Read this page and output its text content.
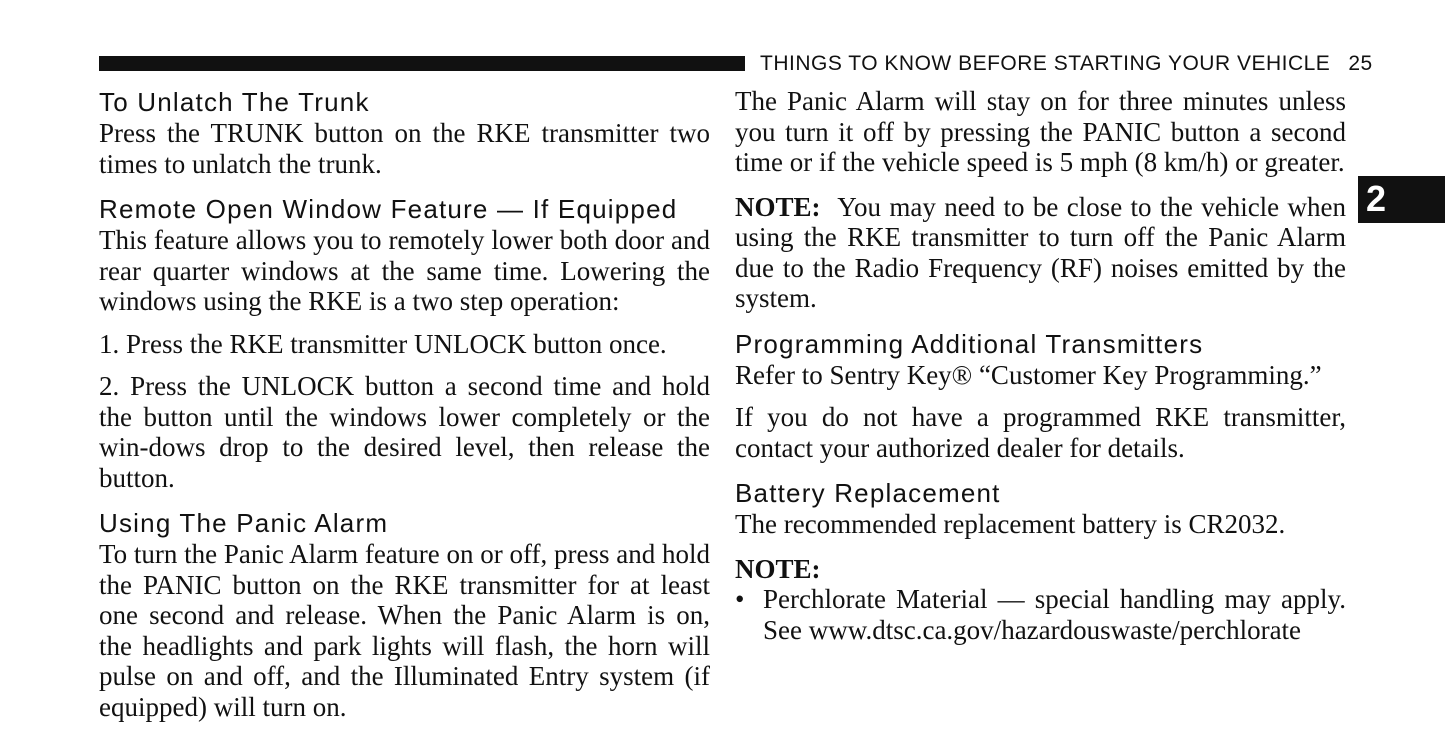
THINGS TO KNOW BEFORE STARTING YOUR VEHICLE 25
2
To Unlatch The Trunk

Press the TRUNK button on the RKE transmitter two times to unlatch the trunk.

Remote Open Window Feature — If Equipped

This feature allows you to remotely lower both door and rear quarter windows at the same time. Lowering the windows using the RKE is a two step operation:

1. Press the RKE transmitter UNLOCK button once.

2. Press the UNLOCK button a second time and hold the button until the windows lower completely or the win-dows drop to the desired level, then release the button.

Using The Panic Alarm

To turn the Panic Alarm feature on or off, press and hold the PANIC button on the RKE transmitter for at least one second and release. When the Panic Alarm is on, the headlights and park lights will flash, the horn will pulse on and off, and the Illuminated Entry system (if equipped) will turn on.

The Panic Alarm will stay on for three minutes unless you turn it off by pressing the PANIC button a second time or if the vehicle speed is 5 mph (8 km/h) or greater.

NOTE: You may need to be close to the vehicle when using the RKE transmitter to turn off the Panic Alarm due to the Radio Frequency (RF) noises emitted by the system.

Programming Additional Transmitters

Refer to Sentry Key® “Customer Key Programming.”

If you do not have a programmed RKE transmitter, contact your authorized dealer for details.

Battery Replacement

The recommended replacement battery is CR2032.

NOTE:

• Perchlorate Material — special handling may apply. See www.dtsc.ca.gov/hazardouswaste/perchlorate
